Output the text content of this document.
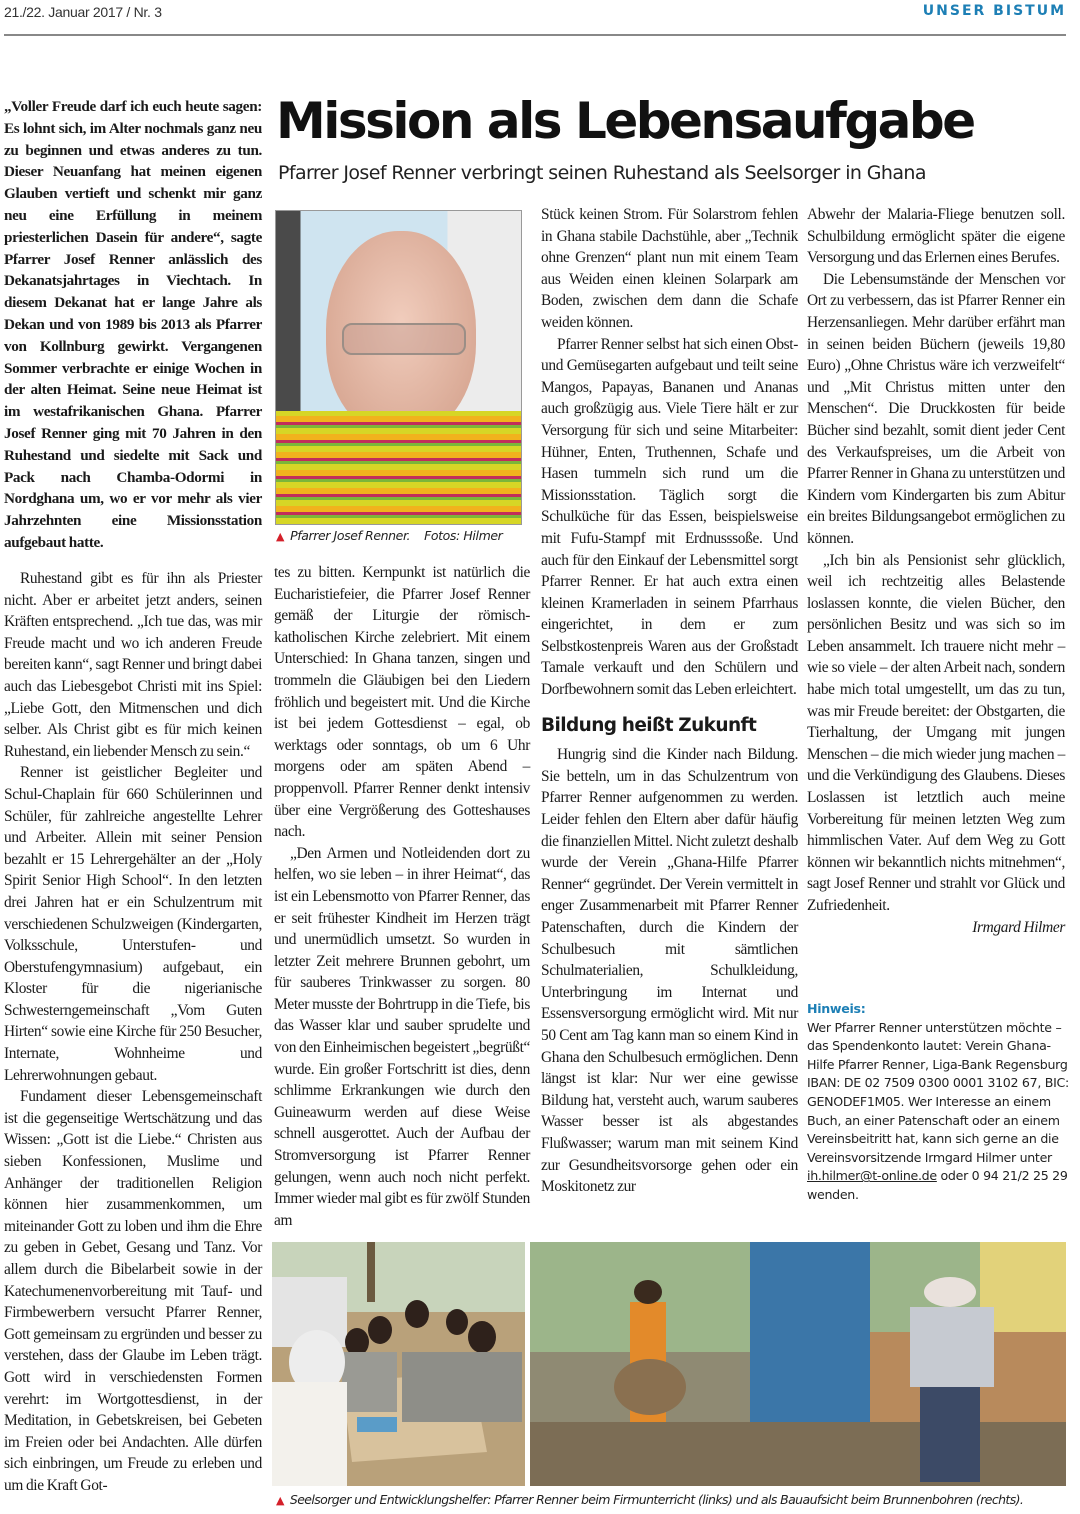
21./22. Januar 2017 / Nr. 3	UNSER BISTUM
Mission als Lebensaufgabe
Pfarrer Josef Renner verbringt seinen Ruhestand als Seelsorger in Ghana

„Voller Freude darf ich euch heute sagen: Es lohnt sich, im Alter nochmals ganz neu zu beginnen und etwas anderes zu tun. Dieser Neuanfang hat meinen eigenen Glauben vertieft und schenkt mir ganz neu eine Erfüllung in meinem priesterlichen Dasein für andere“, sagte Pfarrer Josef Renner anlässlich des Dekanatsjahrtages in Viechtach. In diesem Dekanat hat er lange Jahre als Dekan und von 1989 bis 2013 als Pfarrer von Kollnburg gewirkt. Vergangenen Sommer verbrachte er einige Wochen in der alten Heimat. Seine neue Heimat ist im westafrikanischen Ghana. Pfarrer Josef Renner ging mit 70 Jahren in den Ruhestand und siedelte mit Sack und Pack nach Chamba-Odormi in Nordghana um, wo er vor mehr als vier Jahrzehnten eine Missionsstation aufgebaut hatte.

Ruhestand gibt es für ihn als Priester nicht. Aber er arbeitet jetzt anders, seinen Kräften entsprechend. „Ich tue das, was mir Freude macht und wo ich anderen Freude bereiten kann“, sagt Renner und bringt dabei auch das Liebesgebot Christi mit ins Spiel: „Liebe Gott, den Mitmenschen und dich selber. Als Christ gibt es für mich keinen Ruhestand, ein liebender Mensch zu sein.“

Renner ist geistlicher Begleiter und Schul-Chaplain für 660 Schülerinnen und Schüler, für zahlreiche angestellte Lehrer und Arbeiter. Allein mit seiner Pension bezahlt er 15 Lehrergehälter an der „Holy Spirit Senior High School“. In den letzten drei Jahren hat er ein Schulzentrum mit verschiedenen Schulzweigen (Kindergarten, Volksschule, Unterstufen- und Oberstufengymnasium) aufgebaut, ein Kloster für die nigerianische Schwesterngemeinschaft „Vom Guten Hirten“ sowie eine Kirche für 250 Besucher, Internate, Wohnheime und Lehrerwohnungen gebaut.

Fundament dieser Lebensgemeinschaft ist die gegenseitige Wertschätzung und das Wissen: „Gott ist die Liebe.“ Christen aus sieben Konfessionen, Muslime und Anhänger der traditionellen Religion können hier zusammenkommen, um miteinander Gott zu loben und ihm die Ehre zu geben in Gebet, Gesang und Tanz. Vor allem durch die Bibelarbeit sowie in der Katechumenenvorbereitung mit Tauf- und Firmbewerbern versucht Pfarrer Renner, Gott gemeinsam zu ergründen und besser zu verstehen, dass der Glaube im Leben trägt. Gott wird in verschiedensten Formen verehrt: im Wortgottesdienst, in der Meditation, in Gebetskreisen, bei Gebeten im Freien oder bei Andachten. Alle dürfen sich einbringen, um Freude zu erleben und um die Kraft Got-

▲ Pfarrer Josef Renner. Fotos: Hilmer

tes zu bitten. Kernpunkt ist natürlich die Eucharistiefeier, die Pfarrer Josef Renner gemäß der Liturgie der römisch-katholischen Kirche zelebriert. Mit einem Unterschied: In Ghana tanzen, singen und trommeln die Gläubigen bei den Liedern fröhlich und begeistert mit. Und die Kirche ist bei jedem Gottesdienst – egal, ob werktags oder sonntags, ob um 6 Uhr morgens oder am späten Abend – proppenvoll. Pfarrer Renner denkt intensiv über eine Vergrößerung des Gotteshauses nach.

„Den Armen und Notleidenden dort zu helfen, wo sie leben – in ihrer Heimat“, das ist ein Lebensmotto von Pfarrer Renner, das er seit frühester Kindheit im Herzen trägt und unermüdlich umsetzt. So wurden in letzter Zeit mehrere Brunnen gebohrt, um für sauberes Trinkwasser zu sorgen. 80 Meter musste der Bohrtrupp in die Tiefe, bis das Wasser klar und sauber sprudelte und von den Einheimischen begeistert „begrüßt“ wurde. Ein großer Fortschritt ist dies, denn schlimme Erkrankungen wie durch den Guineawurm werden auf diese Weise schnell ausgerottet. Auch der Aufbau der Stromversorgung ist Pfarrer Renner gelungen, wenn auch noch nicht perfekt. Immer wieder mal gibt es für zwölf Stunden am

Stück keinen Strom. Für Solarstrom fehlen in Ghana stabile Dachstühle, aber „Technik ohne Grenzen“ plant nun mit einem Team aus Weiden einen kleinen Solarpark am Boden, zwischen dem dann die Schafe weiden können.

Pfarrer Renner selbst hat sich einen Obst- und Gemüsegarten aufgebaut und teilt seine Mangos, Papayas, Bananen und Ananas auch großzügig aus. Viele Tiere hält er zur Versorgung für sich und seine Mitarbeiter: Hühner, Enten, Truthennen, Schafe und Hasen tummeln sich rund um die Missionsstation. Täglich sorgt die Schulküche für das Essen, beispielsweise mit Fufu-Stampf mit Erdnusssoße. Und auch für den Einkauf der Lebensmittel sorgt Pfarrer Renner. Er hat auch extra einen kleinen Kramerladen in seinem Pfarrhaus eingerichtet, in dem er zum Selbstkostenpreis Waren aus der Großstadt Tamale verkauft und den Schülern und Dorfbewohnern somit das Leben erleichtert.

Bildung heißt Zukunft

Hungrig sind die Kinder nach Bildung. Sie betteln, um in das Schulzentrum von Pfarrer Renner aufgenommen zu werden. Leider fehlen den Eltern aber dafür häufig die finanziellen Mittel. Nicht zuletzt deshalb wurde der Verein „Ghana-Hilfe Pfarrer Renner“ gegründet. Der Verein vermittelt in enger Zusammenarbeit mit Pfarrer Renner Patenschaften, durch die Kindern der Schulbesuch mit sämtlichen Schulmaterialien, Schulkleidung, Unterbringung im Internat und Essensversorgung ermöglicht wird. Mit nur 50 Cent am Tag kann man so einem Kind in Ghana den Schulbesuch ermöglichen. Denn längst ist klar: Nur wer eine gewisse Bildung hat, versteht auch, warum sauberes Wasser besser ist als abgestandes Flußwasser; warum man mit seinem Kind zur Gesundheitsvorsorge gehen oder ein Moskitonetz zur

Abwehr der Malaria-Fliege benutzen soll. Schulbildung ermöglicht später die eigene Versorgung und das Erlernen eines Berufes.

Die Lebensumstände der Menschen vor Ort zu verbessern, das ist Pfarrer Renner ein Herzensanliegen. Mehr darüber erfährt man in seinen beiden Büchern (jeweils 19,80 Euro) „Ohne Christus wäre ich verzweifelt“ und „Mit Christus mitten unter den Menschen“. Die Druckkosten für beide Bücher sind bezahlt, somit dient jeder Cent des Verkaufspreises, um die Arbeit von Pfarrer Renner in Ghana zu unterstützen und Kindern vom Kindergarten bis zum Abitur ein breites Bildungsangebot ermöglichen zu können.

„Ich bin als Pensionist sehr glücklich, weil ich rechtzeitig alles Belastende loslassen konnte, die vielen Bücher, den persönlichen Besitz und was sich so im Leben ansammelt. Ich trauere nicht mehr – wie so viele – der alten Arbeit nach, sondern habe mich total umgestellt, um das zu tun, was mir Freude bereitet: der Obstgarten, die Tierhaltung, der Umgang mit jungen Menschen – die mich wieder jung machen – und die Verkündigung des Glaubens. Dieses Loslassen ist letztlich auch meine Vorbereitung für meinen letzten Weg zum himmlischen Vater. Auf dem Weg zu Gott können wir bekanntlich nichts mitnehmen“, sagt Josef Renner und strahlt vor Glück und Zufriedenheit.

Irmgard Hilmer

Hinweis:
Wer Pfarrer Renner unterstützen möchte – das Spendenkonto lautet: Verein Ghana-Hilfe Pfarrer Renner, Liga-Bank Regensburg IBAN: DE 02 7509 0300 0001 3102 67, BIC: GENODEF1M05. Wer Interesse an einem Buch, an einer Patenschaft oder an einem Vereinsbeitritt hat, kann sich gerne an die Vereinsvorsitzende Irmgard Hilmer unter ih.hilmer@t-online.de oder 0 94 21/2 25 29 wenden.
▲ Seelsorger und Entwicklungshelfer: Pfarrer Renner beim Firmunterricht (links) und als Bauaufsicht beim Brunnenbohren (rechts).
